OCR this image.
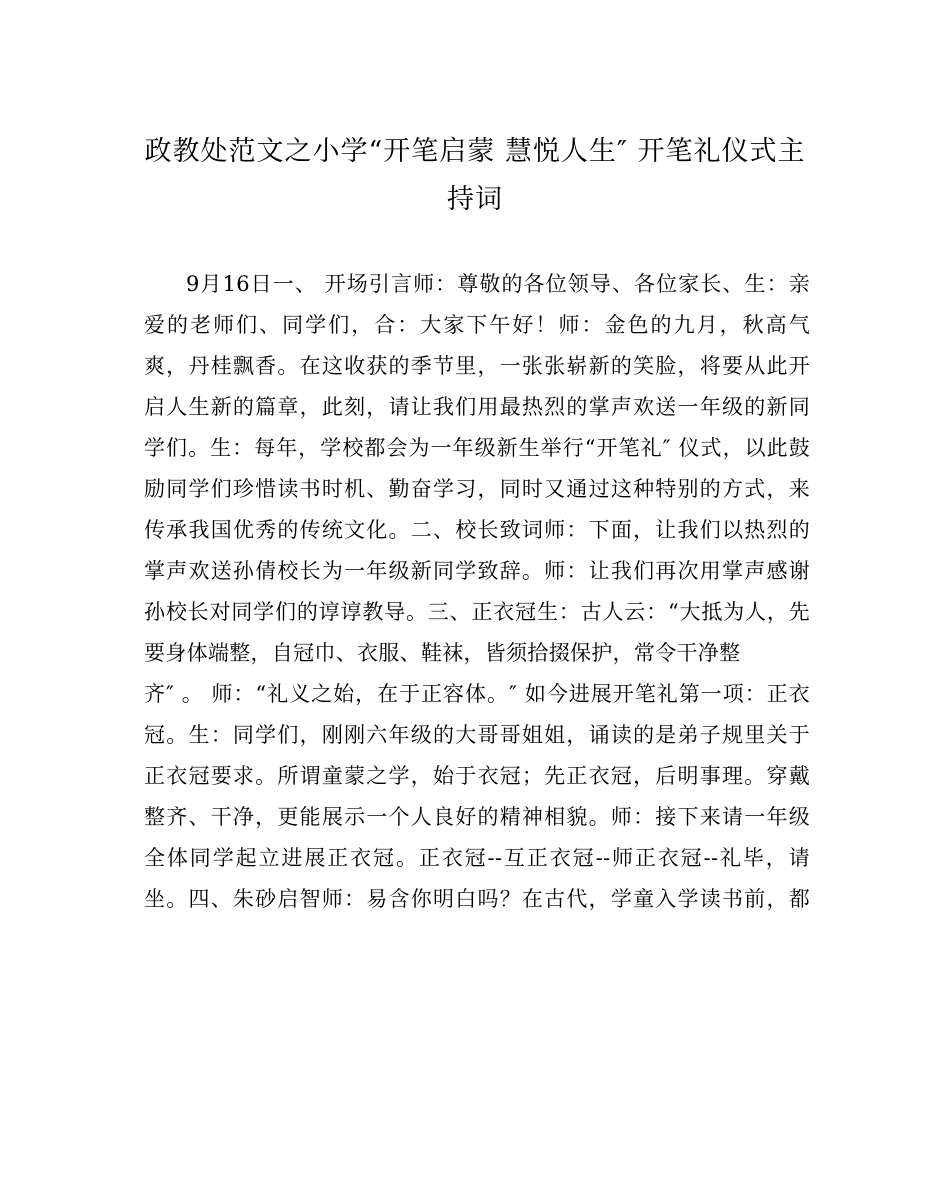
政教处范文之小学“开笔启蒙 慧悦人生″ 开笔礼仪式主
持词
9月16日一、 开场引言师：尊敬的各位领导、各位家长、生：亲
爱的老师们、同学们，合：大家下午好！师：金色的九月，秋高气
爽，丹桂飘香。在这收获的季节里，一张张崭新的笑脸，将要从此开
启人生新的篇章，此刻，请让我们用最热烈的掌声欢送一年级的新同
学们。生：每年，学校都会为一年级新生举行“开笔礼″ 仪式，以此鼓
励同学们珍惜读书时机、勤奋学习，同时又通过这种特别的方式，来
传承我国优秀的传统文化。二、校长致词师：下面，让我们以热烈的
掌声欢送孙倩校长为一年级新同学致辞。师：让我们再次用掌声感谢
孙校长对同学们的谆谆教导。三、正衣冠生：古人云：“大抵为人，先
要身体端整，自冠巾、衣服、鞋袜，皆须拾掇保护，常令干净整
齐″ 。 师：“礼义之始，在于正容体。″ 如今进展开笔礼第一项：正衣
冠。生：同学们，刚刚六年级的大哥哥姐姐，诵读的是弟子规里关于
正衣冠要求。所谓童蒙之学，始于衣冠；先正衣冠，后明事理。穿戴
整齐、干净，更能展示一个人良好的精神相貌。师：接下来请一年级
全体同学起立进展正衣冠。正衣冠--互正衣冠--师正衣冠--礼毕，请
坐。四、朱砂启智师：易含你明白吗？在古代，学童入学读书前，都
